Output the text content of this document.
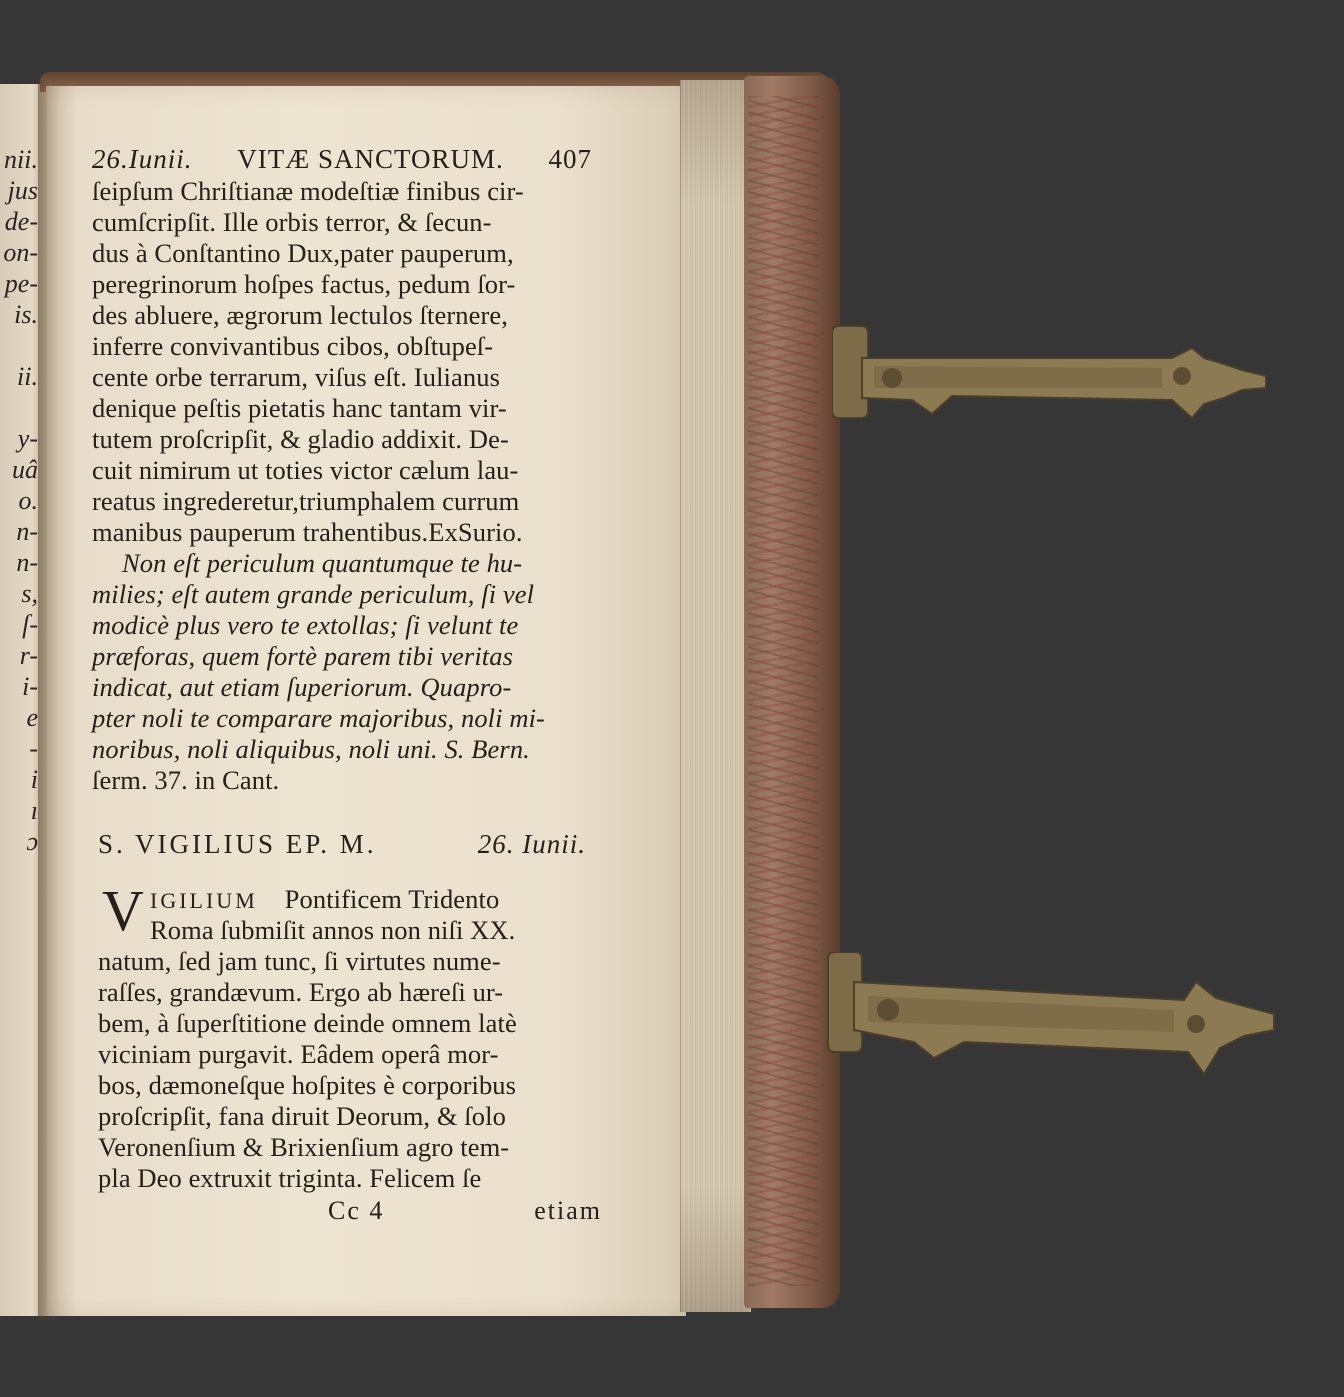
nii.
jus
de-
on-
pe-
is.
ii.
y-
uâ
o.
n-
n-
s,
ſ-
r-
i-
e
-
i
ı
ɔ
26.Iunii. VITÆ SANCTORUM. 407
ſeipſum Chriſtianæ modeſtiæ finibus cir-
cumſcripſit. Ille orbis terror, & ſecun-
dus à Conſtantino Dux,pater pauperum,
peregrinorum hoſpes factus, pedum ſor-
des abluere, ægrorum lectulos ſternere,
inferre convivantibus cibos, obſtupeſ-
cente orbe terrarum, viſus eſt. Iulianus
denique peſtis pietatis hanc tantam vir-
tutem proſcripſit, & gladio addixit. De-
cuit nimirum ut toties victor cælum lau-
reatus ingrederetur,triumphalem currum
manibus pauperum trahentibus.ExSurio.
Non eſt periculum quantumque te hu-
milies; eſt autem grande periculum, ſi vel
modicè plus vero te extollas; ſi velunt te
præforas, quem fortè parem tibi veritas
indicat, aut etiam ſuperiorum. Quapro-
pter noli te comparare majoribus, noli mi-
noribus, noli aliquibus, noli uni. S. Bern.
ſerm. 37. in Cant.
S. VIGILIUS EP. M.	26. Iunii.
V IGILIUM Pontificem Tridento
Roma ſubmiſit annos non niſi XX.
natum, ſed jam tunc, ſi virtutes nume-
raſſes, grandævum. Ergo ab hæreſi ur-
bem, à ſuperſtitione deinde omnem latè
viciniam purgavit. Eâdem operâ mor-
bos, dæmoneſque hoſpites è corporibus
proſcripſit, fana diruit Deorum, & ſolo
Veronenſium & Brixienſium agro tem-
pla Deo extruxit triginta. Felicem ſe
Cc 4	etiam
